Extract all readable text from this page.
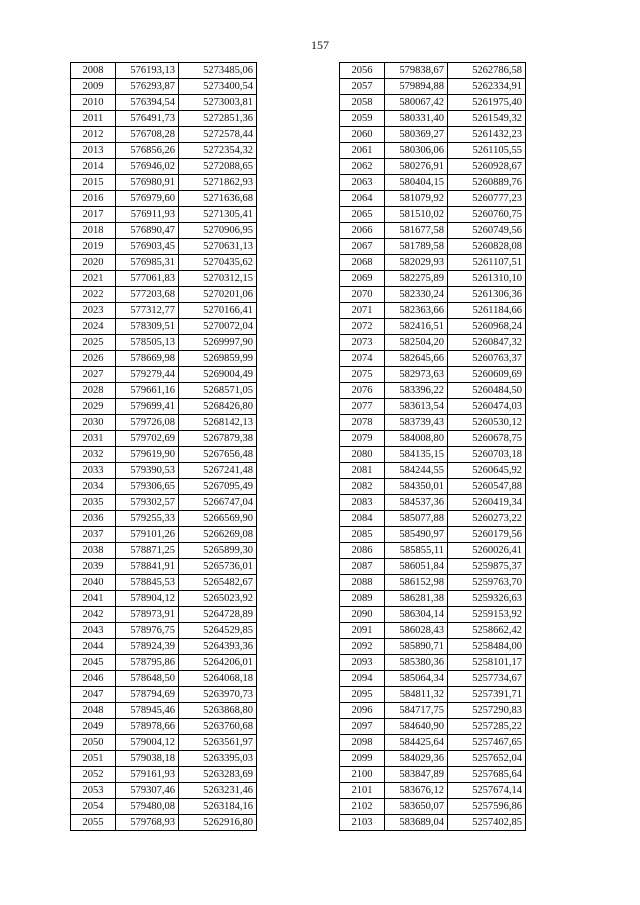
157
2008	576193,13	5273485,06
2009	576293,87	5273400,54
2010	576394,54	5273003,81
2011	576491,73	5272851,36
2012	576708,28	5272578,44
2013	576856,26	5272354,32
2014	576946,02	5272088,65
2015	576980,91	5271862,93
2016	576979,60	5271636,68
2017	576911,93	5271305,41
2018	576890,47	5270906,95
2019	576903,45	5270631,13
2020	576985,31	5270435,62
2021	577061,83	5270312,15
2022	577203,68	5270201,06
2023	577312,77	5270166,41
2024	578309,51	5270072,04
2025	578505,13	5269997,90
2026	578669,98	5269859,99
2027	579279,44	5269004,49
2028	579661,16	5268571,05
2029	579699,41	5268426,80
2030	579726,08	5268142,13
2031	579702,69	5267879,38
2032	579619,90	5267656,48
2033	579390,53	5267241,48
2034	579306,65	5267095,49
2035	579302,57	5266747,04
2036	579255,33	5266569,90
2037	579101,26	5266269,08
2038	578871,25	5265899,30
2039	578841,91	5265736,01
2040	578845,53	5265482,67
2041	578904,12	5265023,92
2042	578973,91	5264728,89
2043	578976,75	5264529,85
2044	578924,39	5264393,36
2045	578795,86	5264206,01
2046	578648,50	5264068,18
2047	578794,69	5263970,73
2048	578945,46	5263868,80
2049	578978,66	5263760,68
2050	579004,12	5263561,97
2051	579038,18	5263395,03
2052	579161,93	5263283,69
2053	579307,46	5263231,46
2054	579480,08	5263184,16
2055	579768,93	5262916,80
2056	579838,67	5262786,58
2057	579894,88	5262334,91
2058	580067,42	5261975,40
2059	580331,40	5261549,32
2060	580369,27	5261432,23
2061	580306,06	5261105,55
2062	580276,91	5260928,67
2063	580404,15	5260889,76
2064	581079,92	5260777,23
2065	581510,02	5260760,75
2066	581677,58	5260749,56
2067	581789,58	5260828,08
2068	582029,93	5261107,51
2069	582275,89	5261310,10
2070	582330,24	5261306,36
2071	582363,66	5261184,66
2072	582416,51	5260968,24
2073	582504,20	5260847,32
2074	582645,66	5260763,37
2075	582973,63	5260609,69
2076	583396,22	5260484,50
2077	583613,54	5260474,03
2078	583739,43	5260530,12
2079	584008,80	5260678,75
2080	584135,15	5260703,18
2081	584244,55	5260645,92
2082	584350,01	5260547,88
2083	584537,36	5260419,34
2084	585077,88	5260273,22
2085	585490,97	5260179,56
2086	585855,11	5260026,41
2087	586051,84	5259875,37
2088	586152,98	5259763,70
2089	586281,38	5259326,63
2090	586304,14	5259153,92
2091	586028,43	5258662,42
2092	585890,71	5258484,00
2093	585380,36	5258101,17
2094	585064,34	5257734,67
2095	584811,32	5257391,71
2096	584717,75	5257290,83
2097	584640,90	5257285,22
2098	584425,64	5257467,65
2099	584029,36	5257652,04
2100	583847,89	5257685,64
2101	583676,12	5257674,14
2102	583650,07	5257596,86
2103	583689,04	5257402,85
